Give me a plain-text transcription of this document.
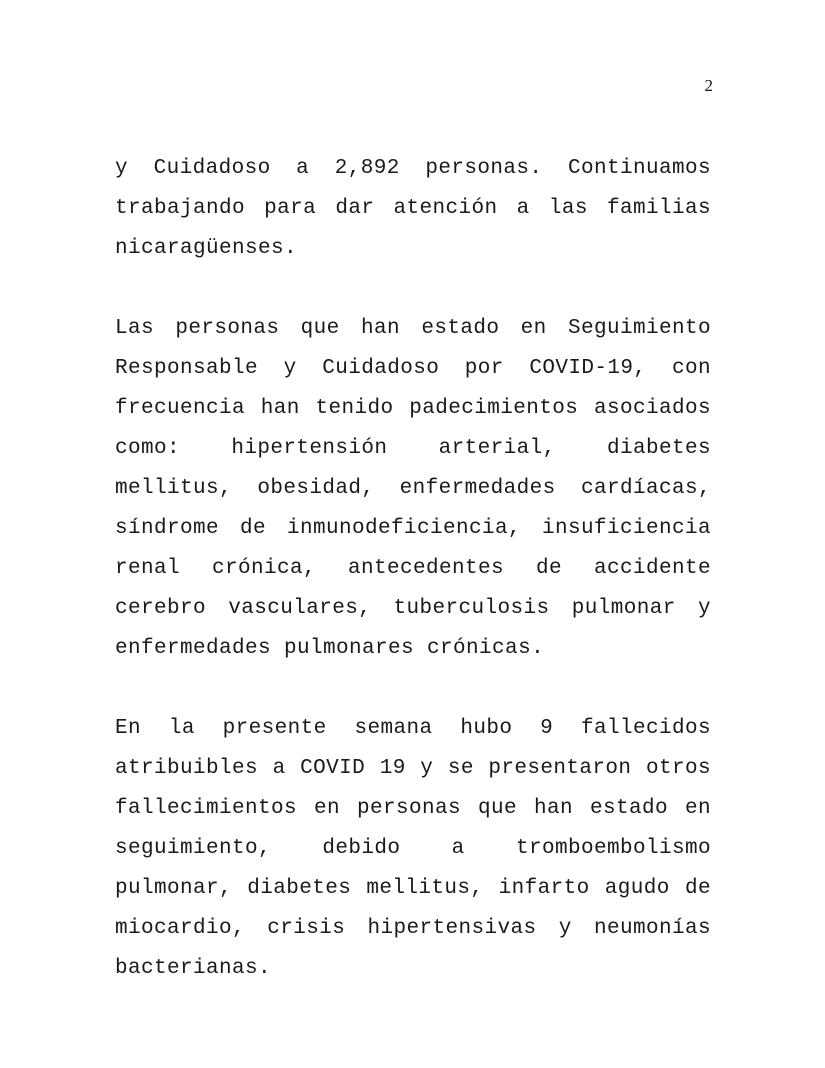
2

y Cuidadoso a 2,892 personas. Continuamos trabajando para dar atención a las familias nicaragüenses.

Las personas que han estado en Seguimiento Responsable y Cuidadoso por COVID-19, con frecuencia han tenido padecimientos asociados como: hipertensión arterial, diabetes mellitus, obesidad, enfermedades cardíacas, síndrome de inmunodeficiencia, insuficiencia renal crónica, antecedentes de accidente cerebro vasculares, tuberculosis pulmonar y enfermedades pulmonares crónicas.

En la presente semana hubo 9 fallecidos atribuibles a COVID 19 y se presentaron otros fallecimientos en personas que han estado en seguimiento, debido a tromboembolismo pulmonar, diabetes mellitus, infarto agudo de miocardio, crisis hipertensivas y neumonías bacterianas.
